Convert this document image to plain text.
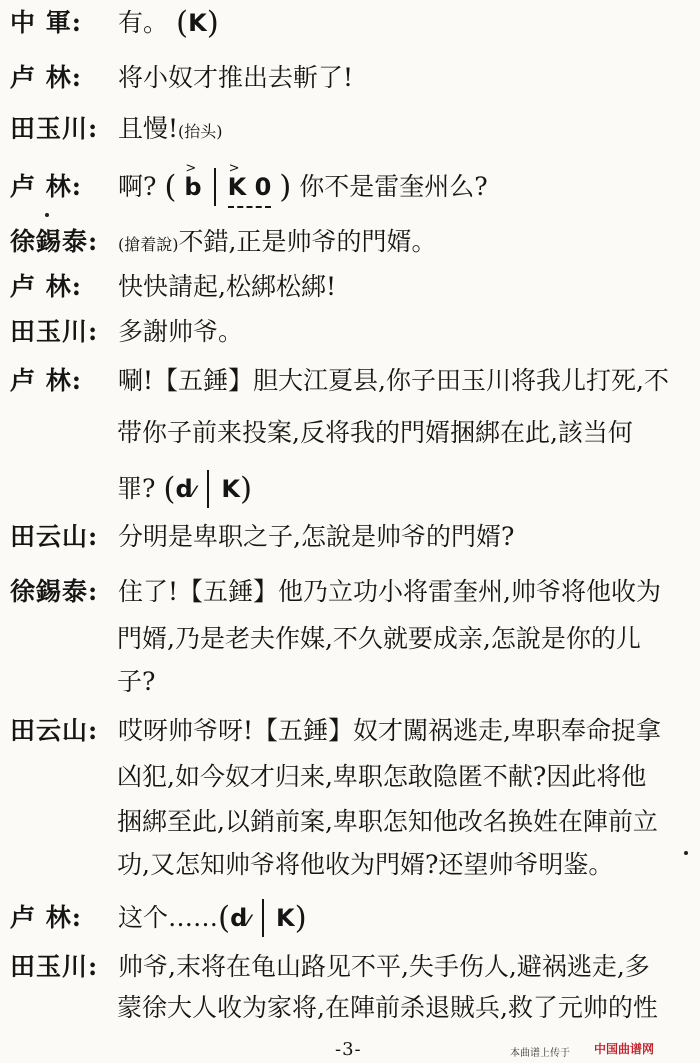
中 軍: 有。 (K)
卢 林: 将小奴才推出去斬了!
田玉川: 且慢!(抬头)
卢 林: 啊? ( > b > K 0 ) 你不是雷奎州么?
徐錫泰: (搶着說)不錯,正是帅爷的門婿。
卢 林: 快快請起,松綁松綁!
田玉川: 多謝帅爷。
卢 林: 唰!【五錘】胆大江夏县,你子田玉川将我儿打死,不
带你子前来投案,反将我的門婿捆綁在此,該当何
罪? (d⁄ K)
田云山: 分明是卑职之子,怎說是帅爷的門婿?
徐錫泰: 住了!【五錘】他乃立功小将雷奎州,帅爷将他收为
門婿,乃是老夫作媒,不久就要成亲,怎說是你的儿
子?
田云山: 哎呀帅爷呀!【五錘】奴才闖祸逃走,卑职奉命捉拿
凶犯,如今奴才归来,卑职怎敢隐匿不献?因此将他
捆綁至此,以銷前案,卑职怎知他改名换姓在陣前立
功,又怎知帅爷将他收为門婿?还望帅爷明鉴。
卢 林: 这个……(d⁄ K)
田玉川: 帅爷,末将在龟山路见不平,失手伤人,避祸逃走,多
蒙徐大人收为家将,在陣前杀退賊兵,救了元帅的性
-3-	本曲谱上传于 中国曲谱网
